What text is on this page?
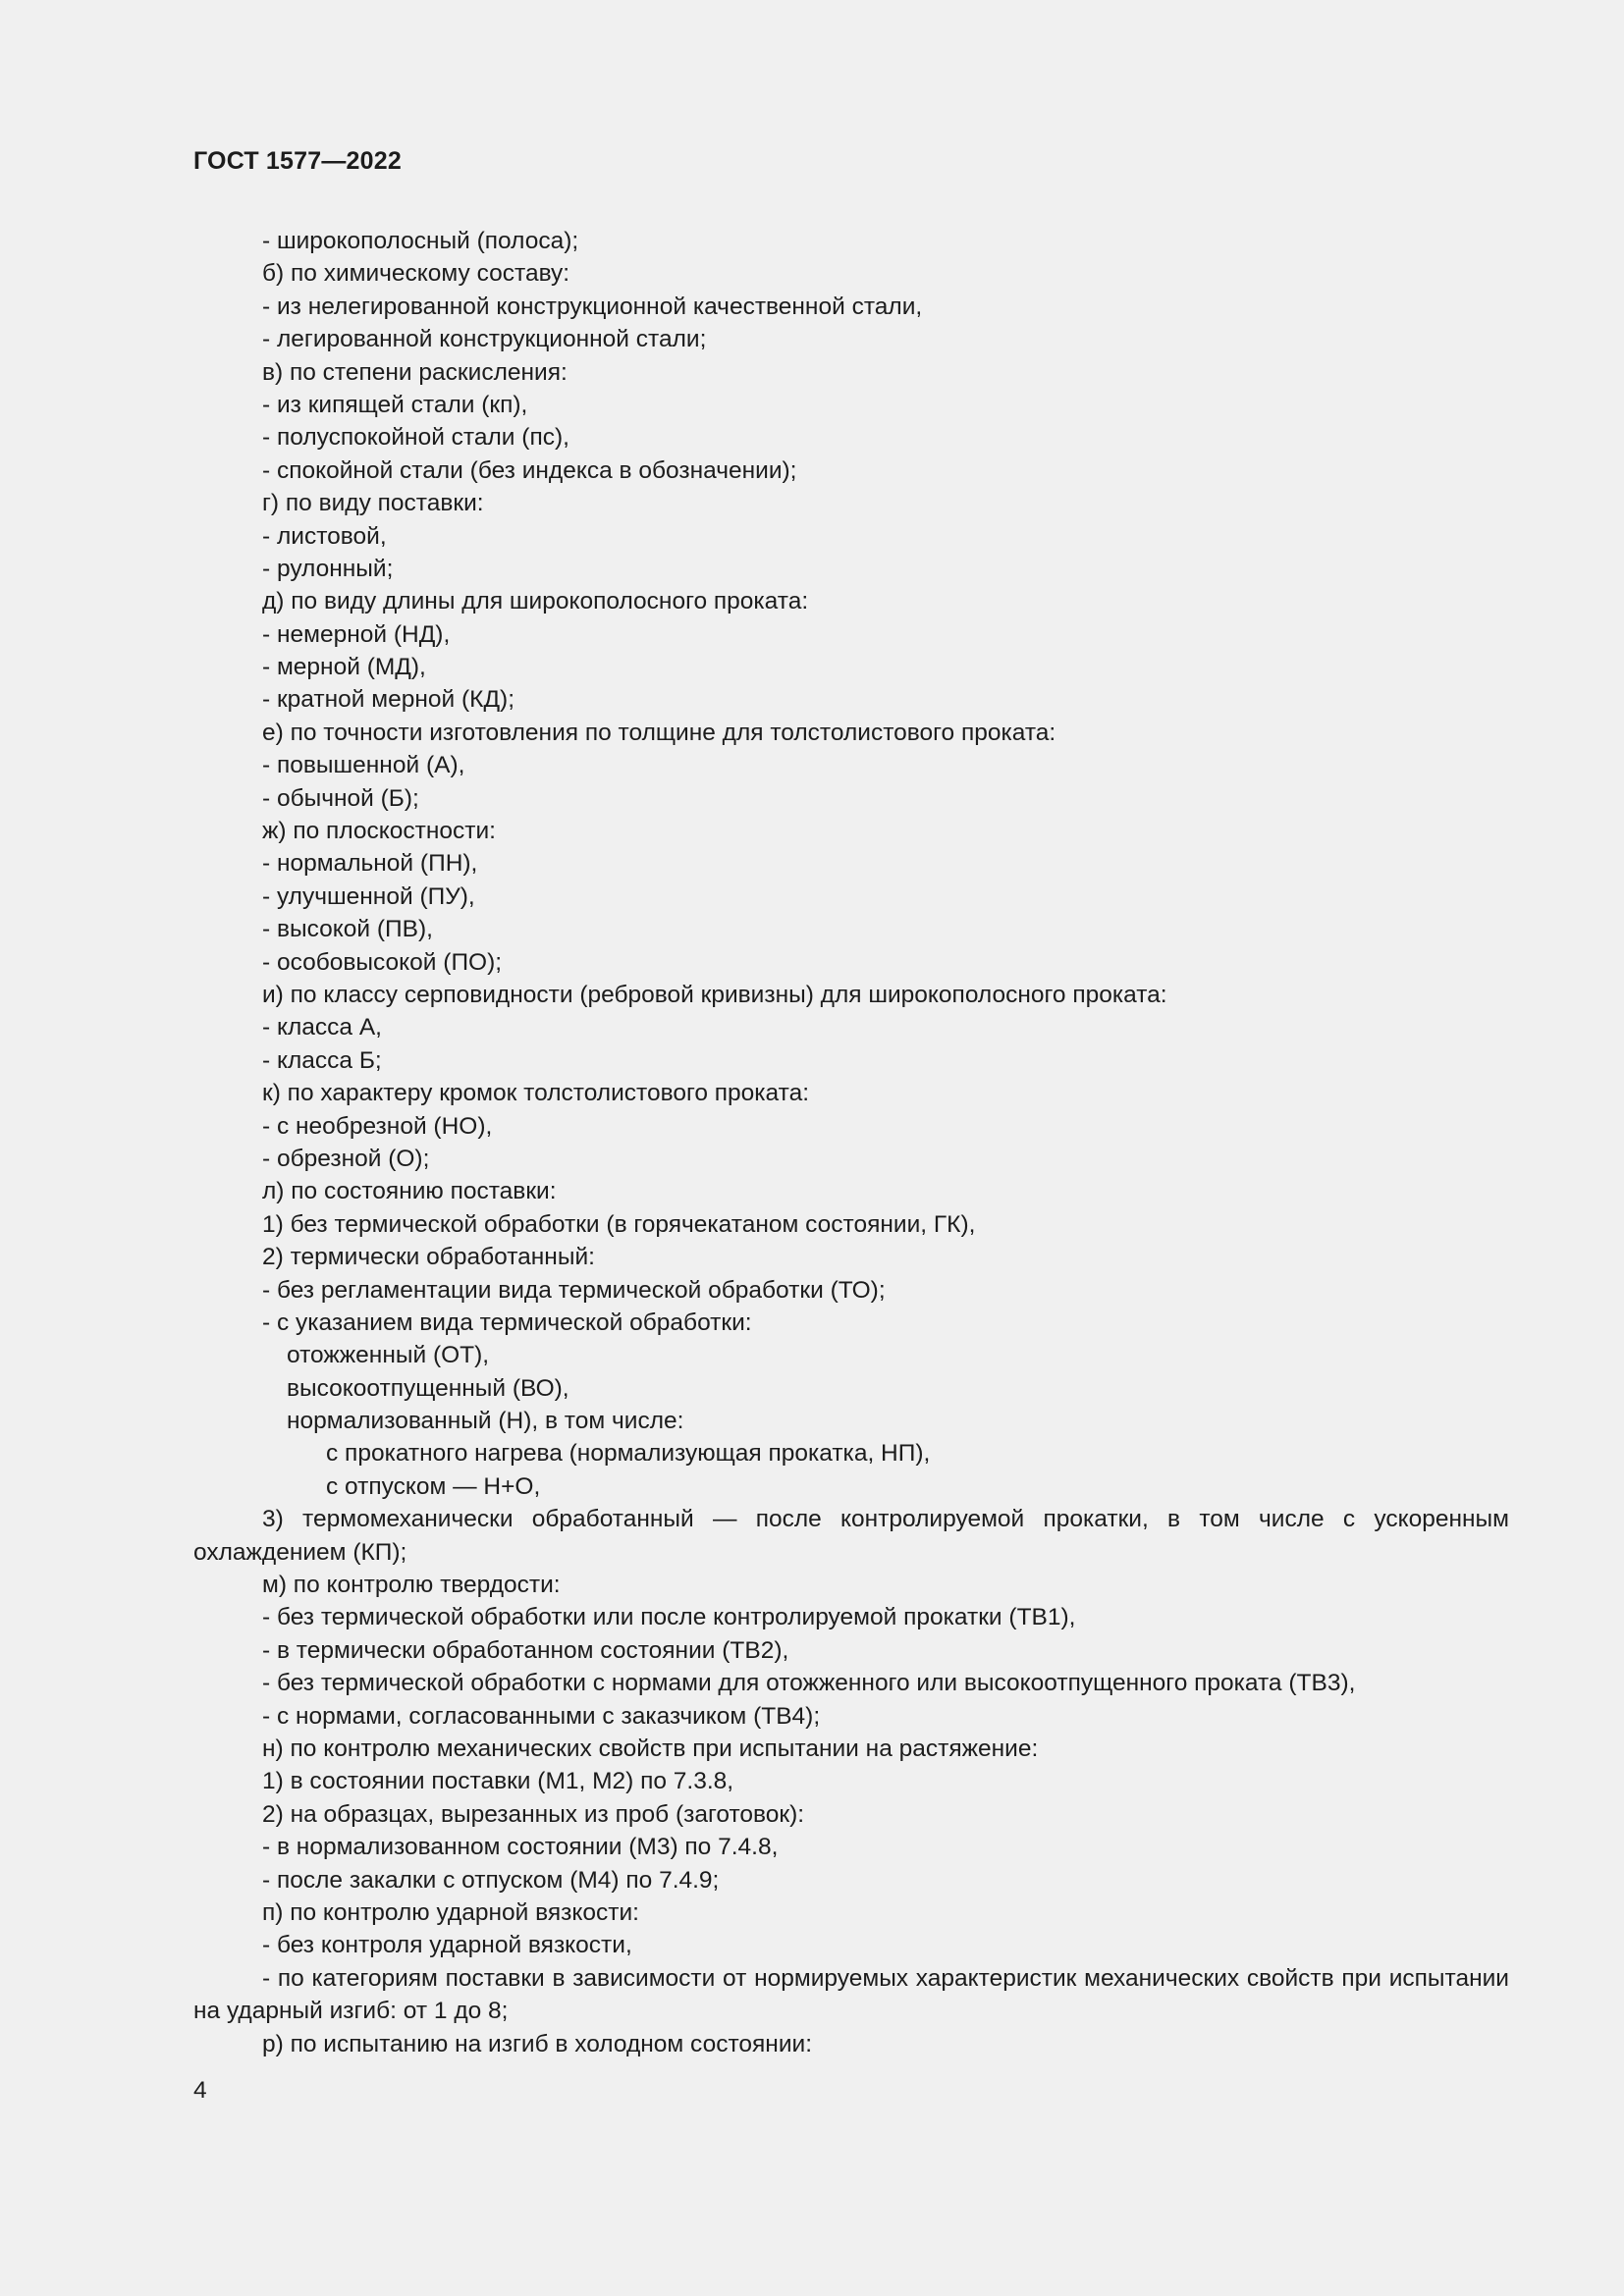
ГОСТ 1577—2022
- широкополосный (полоса);
б) по химическому составу:
- из нелегированной конструкционной качественной стали,
- легированной конструкционной стали;
в) по степени раскисления:
- из кипящей стали (кп),
- полуспокойной стали (пс),
- спокойной стали (без индекса в обозначении);
г) по виду поставки:
- листовой,
- рулонный;
д) по виду длины для широкополосного проката:
- немерной (НД),
- мерной (МД),
- кратной мерной (КД);
е) по точности изготовления по толщине для толстолистового проката:
- повышенной (А),
- обычной (Б);
ж) по плоскостности:
- нормальной (ПН),
- улучшенной (ПУ),
- высокой (ПВ),
- особовысокой (ПО);
и) по классу серповидности (ребровой кривизны) для широкополосного проката:
- класса А,
- класса Б;
к) по характеру кромок толстолистового проката:
- с необрезной (НО),
- обрезной (О);
л) по состоянию поставки:
1) без термической обработки (в горячекатаном состоянии, ГК),
2) термически обработанный:
- без регламентации вида термической обработки (ТО);
- с указанием вида термической обработки:
отожженный (ОТ),
высокоотпущенный (ВО),
нормализованный (Н), в том числе:
с прокатного нагрева (нормализующая прокатка, НП),
с отпуском — Н+О,
3) термомеханически обработанный — после контролируемой прокатки, в том числе с ускоренным охлаждением (КП);
м) по контролю твердости:
- без термической обработки или после контролируемой прокатки (ТВ1),
- в термически обработанном состоянии (ТВ2),
- без термической обработки с нормами для отожженного или высокоотпущенного проката (ТВ3),
- с нормами, согласованными с заказчиком (ТВ4);
н) по контролю механических свойств при испытании на растяжение:
1) в состоянии поставки (М1, М2) по 7.3.8,
2) на образцах, вырезанных из проб (заготовок):
- в нормализованном состоянии (М3) по 7.4.8,
- после закалки с отпуском (М4) по 7.4.9;
п) по контролю ударной вязкости:
- без контроля ударной вязкости,
- по категориям поставки в зависимости от нормируемых характеристик механических свойств при испытании на ударный изгиб: от 1 до 8;
р) по испытанию на изгиб в холодном состоянии:
4
